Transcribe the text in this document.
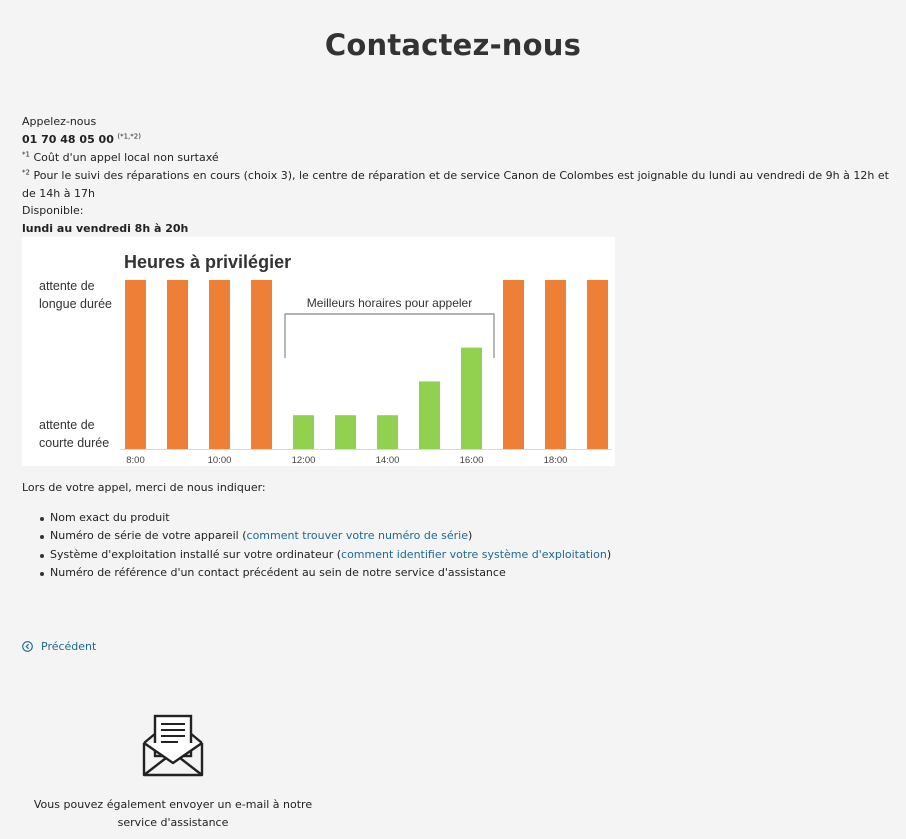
Contactez-nous

Appelez-nous

01 70 48 05 00 $^{(*1,*2)}$

$^{*1}$ Coût d'un appel local non surtaxé

$^{*2}$ Pour le suivi des réparations en cours (choix 3), le centre de réparation et de service Canon de Colombes est joignable du lundi au vendredi de 9h à 12h et de 14h à 17h

Disponible:

lundi au vendredi 8h à 20h

Heures à privilégier
attente de
longue durée
attente de
courte durée
Meilleurs horaires pour appeler
8:00	10:00	12:00	14:00	16:00	18:00

Lors de votre appel, merci de nous indiquer:

Nom exact du produit
Numéro de série de votre appareil (comment trouver votre numéro de série)
Système d'exploitation installé sur votre ordinateur (comment identifier votre système d'exploitation)
Numéro de référence d'un contact précédent au sein de notre service d'assistance
Précédent

Vous pouvez également envoyer un e-mail à notre
service d'assistance
